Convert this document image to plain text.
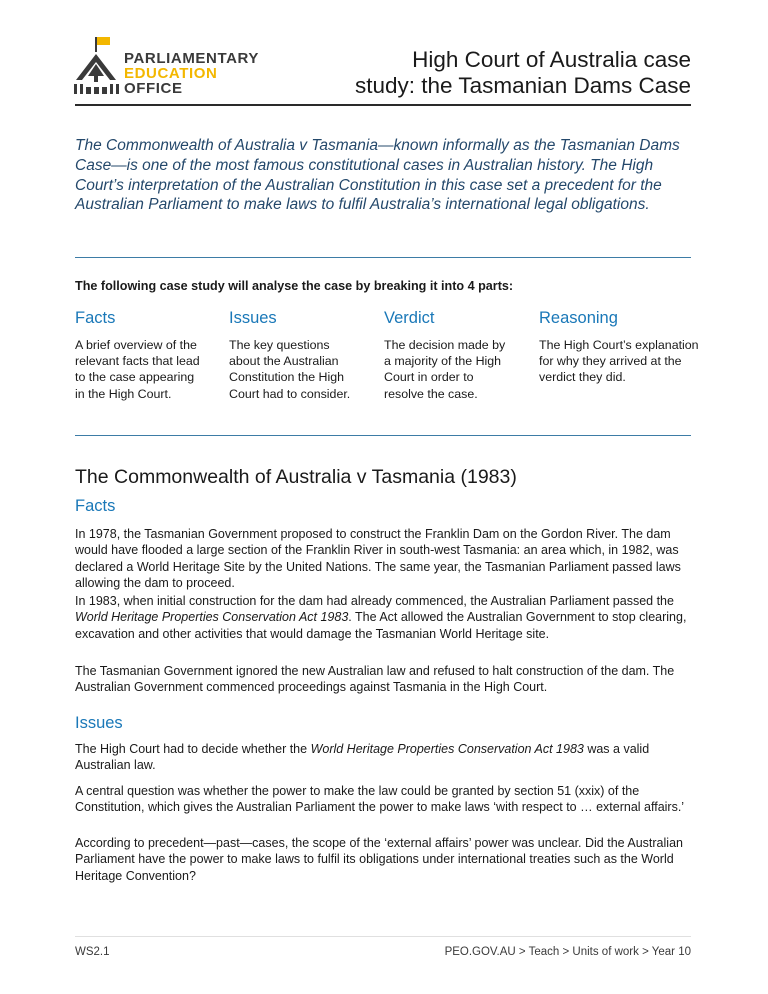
PARLIAMENTARY
EDUCATION
OFFICE
High Court of Australia case
study: the Tasmanian Dams Case
The Commonwealth of Australia v Tasmania—known informally as the Tasmanian Dams Case—is one of the most famous constitutional cases in Australian history. The High Court’s interpretation of the Australian Constitution in this case set a precedent for the Australian Parliament to make laws to fulfil Australia’s international legal obligations.
The following case study will analyse the case by breaking it into 4 parts:
Facts
A brief overview of the relevant facts that lead to the case appearing in the High Court.
Issues
The key questions about the Australian Constitution the High Court had to consider.
Verdict
The decision made by a majority of the High Court in order to resolve the case.
Reasoning
The High Court’s explanation for why they arrived at the verdict they did.
The Commonwealth of Australia v Tasmania (1983)
Facts
In 1978, the Tasmanian Government proposed to construct the Franklin Dam on the Gordon River. The dam would have flooded a large section of the Franklin River in south-west Tasmania: an area which, in 1982, was declared a World Heritage Site by the United Nations. The same year, the Tasmanian Parliament passed laws allowing the dam to proceed.
In 1983, when initial construction for the dam had already commenced, the Australian Parliament passed the World Heritage Properties Conservation Act 1983. The Act allowed the Australian Government to stop clearing, excavation and other activities that would damage the Tasmanian World Heritage site.
The Tasmanian Government ignored the new Australian law and refused to halt construction of the dam. The Australian Government commenced proceedings against Tasmania in the High Court.
Issues
The High Court had to decide whether the World Heritage Properties Conservation Act 1983 was a valid Australian law.
A central question was whether the power to make the law could be granted by section 51 (xxix) of the Constitution, which gives the Australian Parliament the power to make laws ‘with respect to … external affairs.’
According to precedent—past—cases, the scope of the ‘external affairs’ power was unclear. Did the Australian Parliament have the power to make laws to fulfil its obligations under international treaties such as the World Heritage Convention?
WS2.1	PEO.GOV.AU > Teach > Units of work > Year 10
